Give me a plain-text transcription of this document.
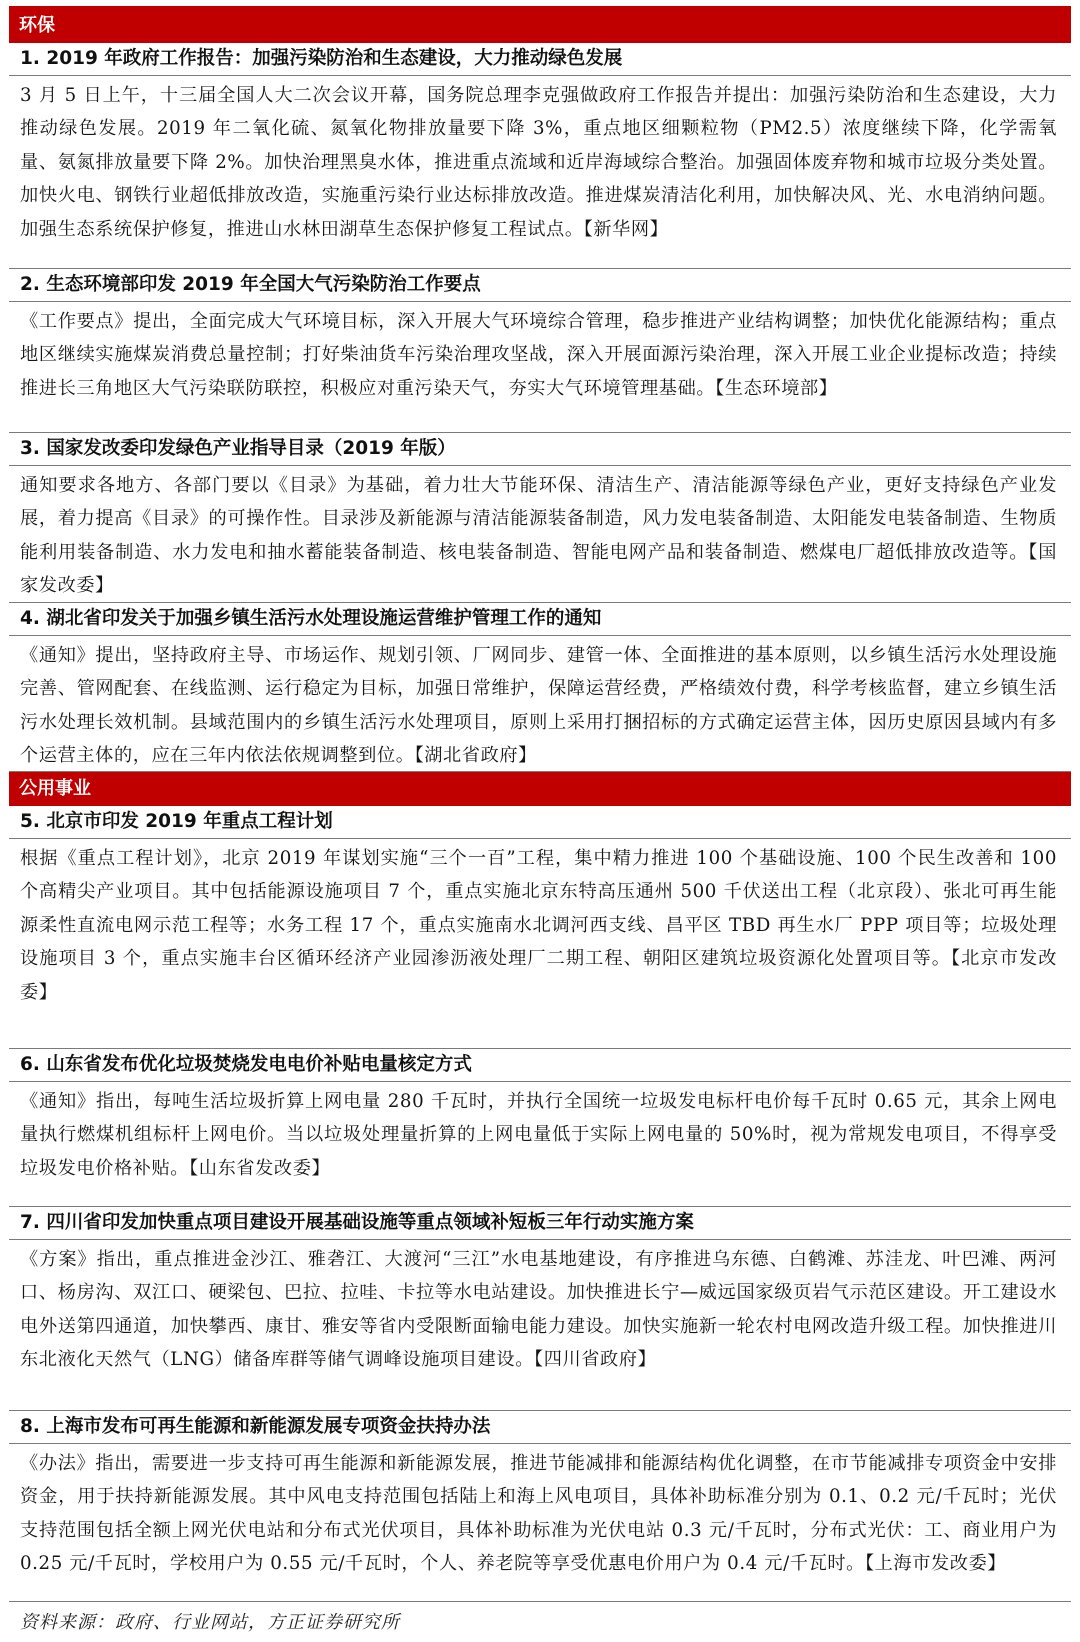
环保
1. 2019 年政府工作报告：加强污染防治和生态建设，大力推动绿色发展
3 月 5 日上午，十三届全国人大二次会议开幕，国务院总理李克强做政府工作报告并提出：加强污染防治和生态建设，大力推动绿色发展。2019 年二氧化硫、氮氧化物排放量要下降 3%，重点地区细颗粒物（PM2.5）浓度继续下降，化学需氧量、氨氮排放量要下降 2%。加快治理黑臭水体，推进重点流域和近岸海域综合整治。加强固体废弃物和城市垃圾分类处置。加快火电、钢铁行业超低排放改造，实施重污染行业达标排放改造。推进煤炭清洁化利用，加快解决风、光、水电消纳问题。加强生态系统保护修复，推进山水林田湖草生态保护修复工程试点。【新华网】
2. 生态环境部印发 2019 年全国大气污染防治工作要点
《工作要点》提出，全面完成大气环境目标，深入开展大气环境综合管理，稳步推进产业结构调整；加快优化能源结构；重点地区继续实施煤炭消费总量控制；打好柴油货车污染治理攻坚战，深入开展面源污染治理，深入开展工业企业提标改造；持续推进长三角地区大气污染联防联控，积极应对重污染天气，夯实大气环境管理基础。【生态环境部】
3. 国家发改委印发绿色产业指导目录（2019 年版）
通知要求各地方、各部门要以《目录》为基础，着力壮大节能环保、清洁生产、清洁能源等绿色产业，更好支持绿色产业发展，着力提高《目录》的可操作性。目录涉及新能源与清洁能源装备制造，风力发电装备制造、太阳能发电装备制造、生物质能利用装备制造、水力发电和抽水蓄能装备制造、核电装备制造、智能电网产品和装备制造、燃煤电厂超低排放改造等。【国家发改委】
4. 湖北省印发关于加强乡镇生活污水处理设施运营维护管理工作的通知
《通知》提出，坚持政府主导、市场运作、规划引领、厂网同步、建管一体、全面推进的基本原则，以乡镇生活污水处理设施完善、管网配套、在线监测、运行稳定为目标，加强日常维护，保障运营经费，严格绩效付费，科学考核监督，建立乡镇生活污水处理长效机制。县域范围内的乡镇生活污水处理项目，原则上采用打捆招标的方式确定运营主体，因历史原因县域内有多个运营主体的，应在三年内依法依规调整到位。【湖北省政府】
公用事业
5. 北京市印发 2019 年重点工程计划
根据《重点工程计划》，北京 2019 年谋划实施“三个一百”工程，集中精力推进 100 个基础设施、100 个民生改善和 100 个高精尖产业项目。其中包括能源设施项目 7 个，重点实施北京东特高压通州 500 千伏送出工程（北京段）、张北可再生能源柔性直流电网示范工程等；水务工程 17 个，重点实施南水北调河西支线、昌平区 TBD 再生水厂 PPP 项目等；垃圾处理设施项目 3 个，重点实施丰台区循环经济产业园渗沥液处理厂二期工程、朝阳区建筑垃圾资源化处置项目等。【北京市发改委】
6. 山东省发布优化垃圾焚烧发电电价补贴电量核定方式
《通知》指出，每吨生活垃圾折算上网电量 280 千瓦时，并执行全国统一垃圾发电标杆电价每千瓦时 0.65 元，其余上网电量执行燃煤机组标杆上网电价。当以垃圾处理量折算的上网电量低于实际上网电量的 50%时，视为常规发电项目，不得享受垃圾发电价格补贴。【山东省发改委】
7. 四川省印发加快重点项目建设开展基础设施等重点领域补短板三年行动实施方案
《方案》指出，重点推进金沙江、雅砻江、大渡河“三江”水电基地建设，有序推进乌东德、白鹤滩、苏洼龙、叶巴滩、两河口、杨房沟、双江口、硬梁包、巴拉、拉哇、卡拉等水电站建设。加快推进长宁—威远国家级页岩气示范区建设。开工建设水电外送第四通道，加快攀西、康甘、雅安等省内受限断面输电能力建设。加快实施新一轮农村电网改造升级工程。加快推进川东北液化天然气（LNG）储备库群等储气调峰设施项目建设。【四川省政府】
8. 上海市发布可再生能源和新能源发展专项资金扶持办法
《办法》指出，需要进一步支持可再生能源和新能源发展，推进节能减排和能源结构优化调整，在市节能减排专项资金中安排资金，用于扶持新能源发展。其中风电支持范围包括陆上和海上风电项目，具体补助标准分别为 0.1、0.2 元/千瓦时；光伏支持范围包括全额上网光伏电站和分布式光伏项目，具体补助标准为光伏电站 0.3 元/千瓦时，分布式光伏：工、商业用户为 0.25 元/千瓦时，学校用户为 0.55 元/千瓦时，个人、养老院等享受优惠电价用户为 0.4 元/千瓦时。【上海市发改委】
资料来源：政府、行业网站，方正证券研究所
